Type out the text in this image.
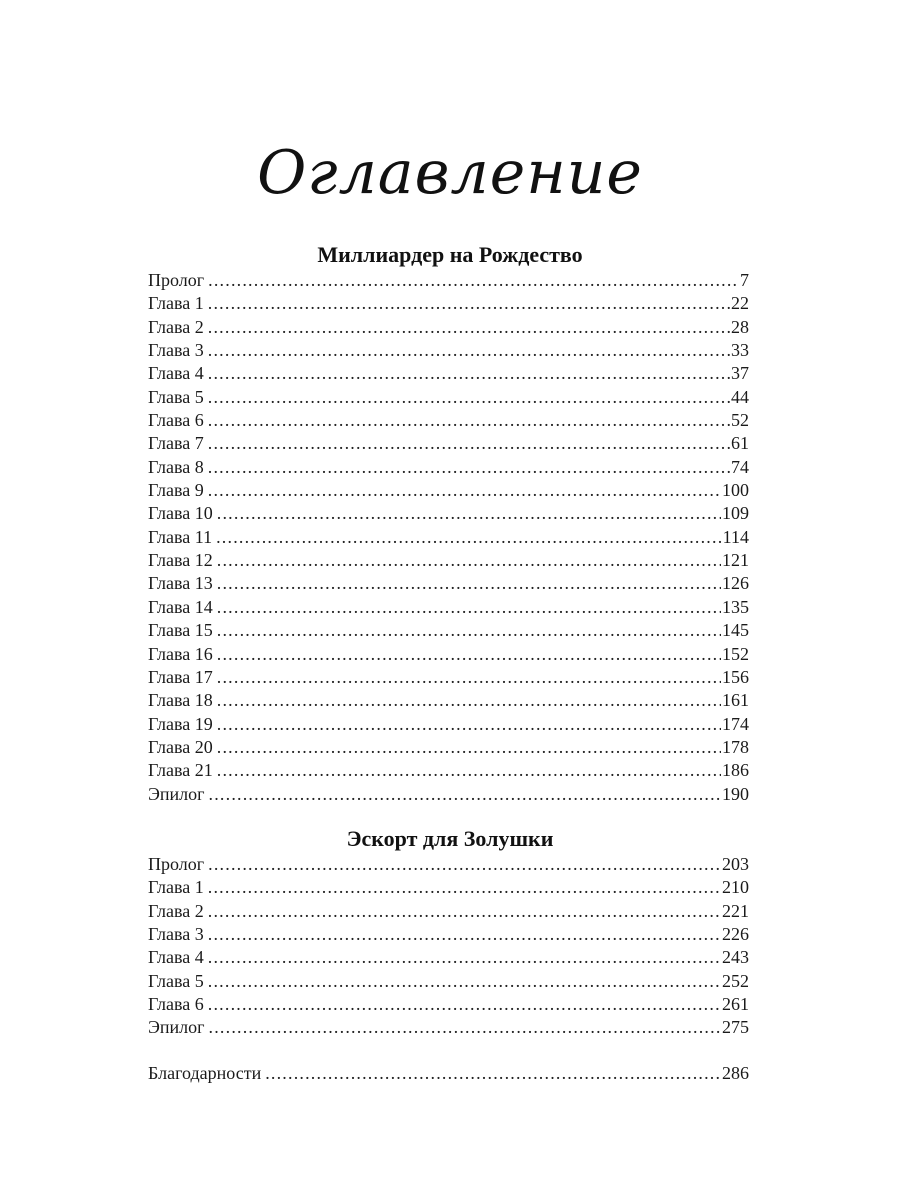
Оглавление
Миллиардер на Рождество
Пролог .....	7
Глава 1 .....	22
Глава 2 .....	28
Глава 3 .....	33
Глава 4 .....	37
Глава 5 .....	44
Глава 6 .....	52
Глава 7 .....	61
Глава 8 .....	74
Глава 9 .....	100
Глава 10 .....	109
Глава 11 .....	114
Глава 12 .....	121
Глава 13 .....	126
Глава 14 .....	135
Глава 15 .....	145
Глава 16 .....	152
Глава 17 .....	156
Глава 18 .....	161
Глава 19 .....	174
Глава 20 .....	178
Глава 21 .....	186
Эпилог .....	190
Эскорт для Золушки
Пролог .....	203
Глава 1 .....	210
Глава 2 .....	221
Глава 3 .....	226
Глава 4 .....	243
Глава 5 .....	252
Глава 6 .....	261
Эпилог .....	275
Благодарности .....	286
